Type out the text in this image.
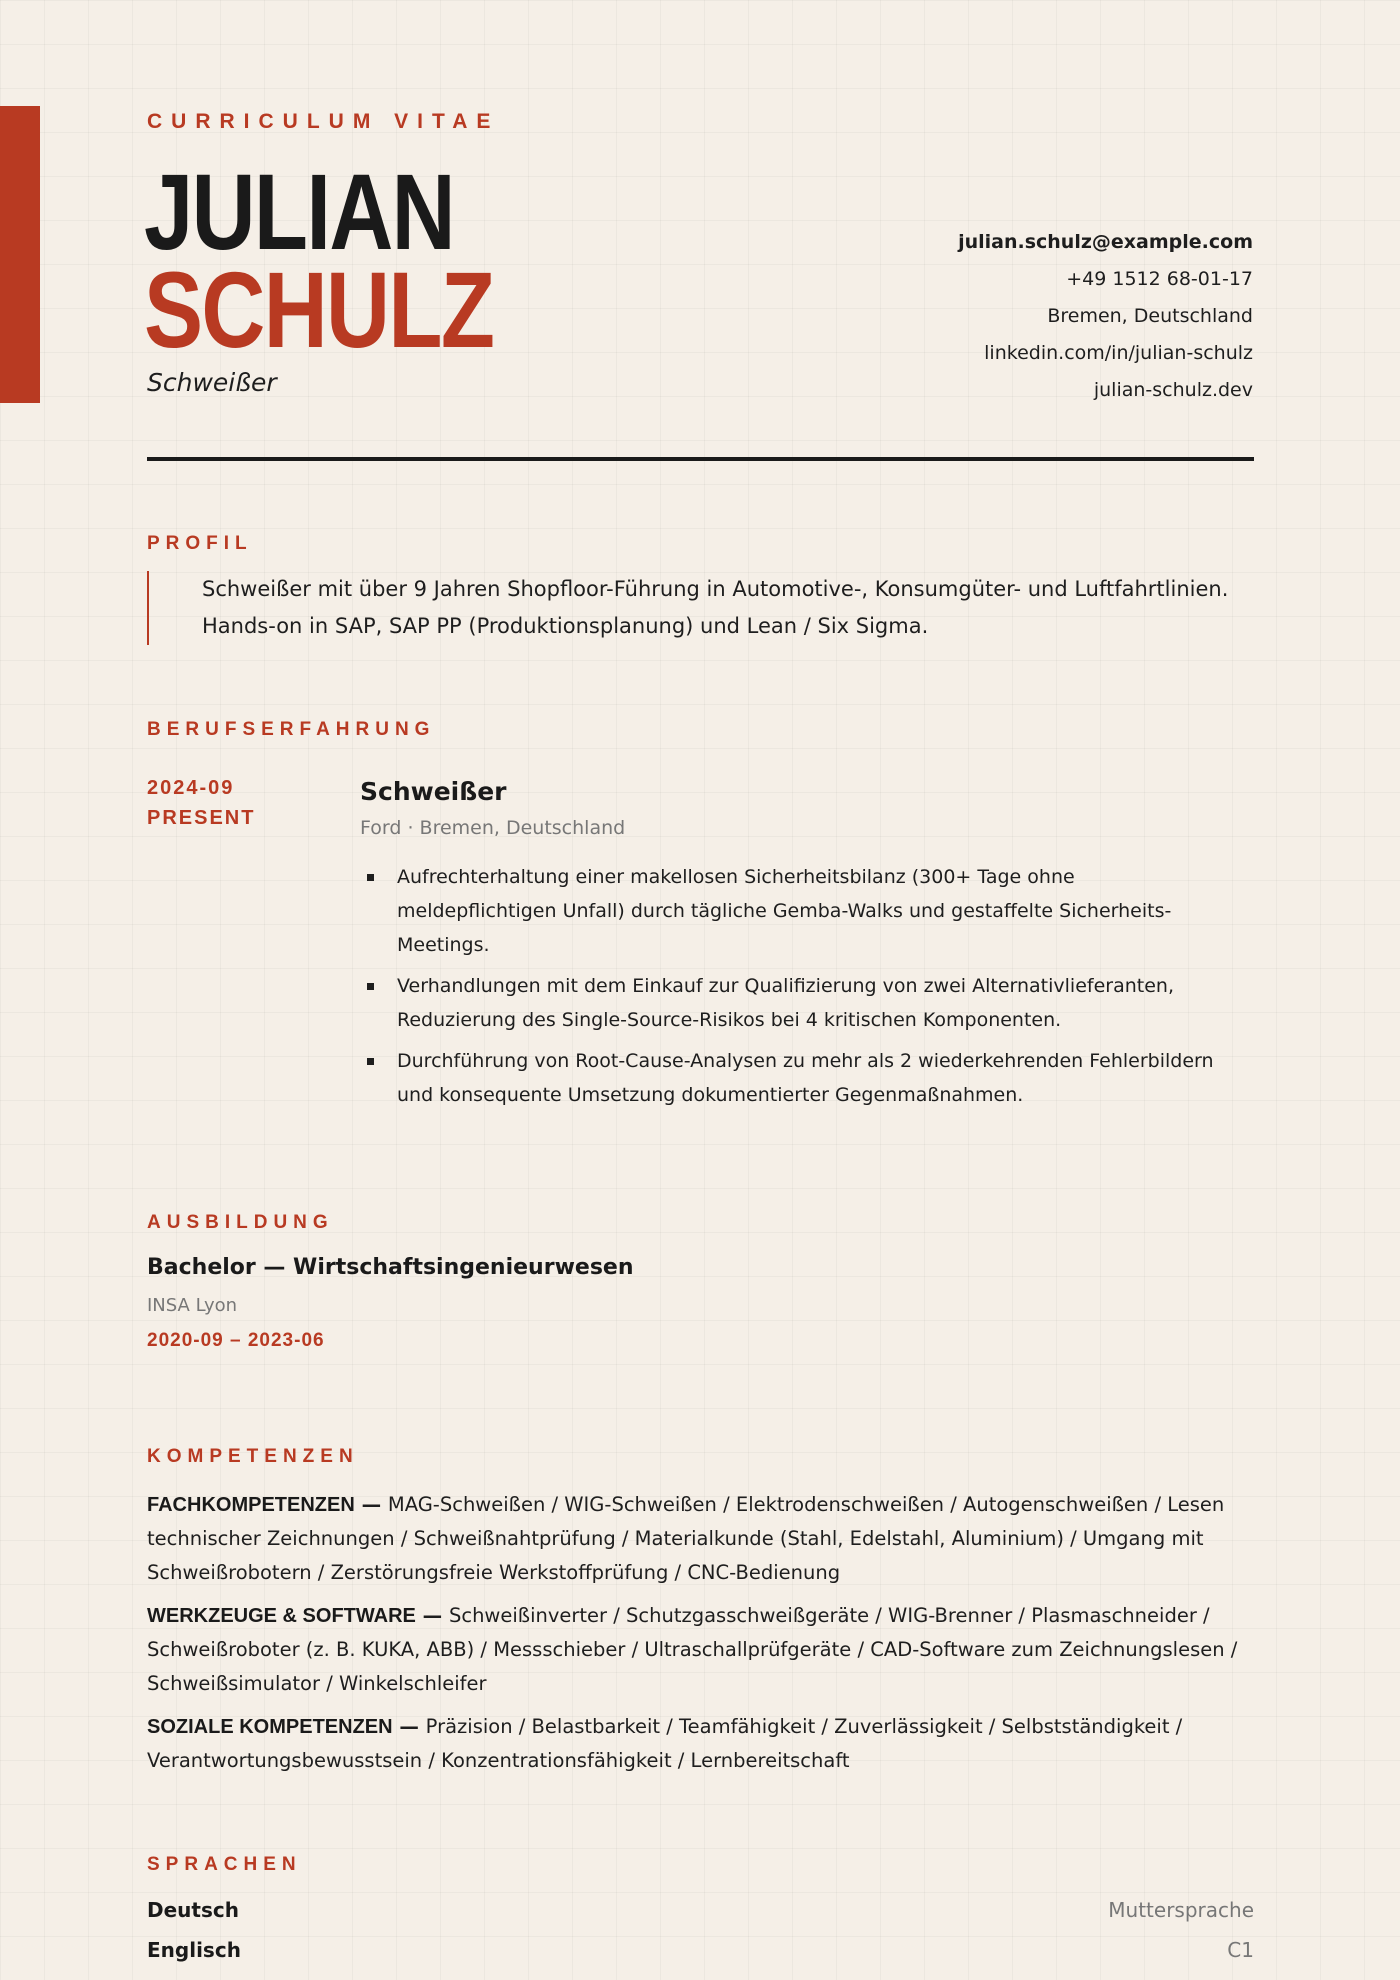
CURRICULUM VITAE
JULIAN
SCHULZ
Schweißer
julian.schulz@example.com
+49 1512 68-01-17
Bremen, Deutschland
linkedin.com/in/julian-schulz
julian-schulz.dev
PROFIL
Schweißer mit über 9 Jahren Shopfloor-Führung in Automotive-, Konsumgüter- und Luftfahrtlinien. Hands-on in SAP, SAP PP (Produktionsplanung) und Lean / Six Sigma.
BERUFSERFAHRUNG
2024-09
PRESENT
Schweißer
Ford · Bremen, Deutschland
Aufrechterhaltung einer makellosen Sicherheitsbilanz (300+ Tage ohne meldepflichtigen Unfall) durch tägliche Gemba-Walks und gestaffelte Sicherheits-Meetings.
Verhandlungen mit dem Einkauf zur Qualifizierung von zwei Alternativlieferanten, Reduzierung des Single-Source-Risikos bei 4 kritischen Komponenten.
Durchführung von Root-Cause-Analysen zu mehr als 2 wiederkehrenden Fehlerbildern und konsequente Umsetzung dokumentierter Gegenmaßnahmen.
AUSBILDUNG
Bachelor — Wirtschaftsingenieurwesen
INSA Lyon
2020-09 – 2023-06
KOMPETENZEN
FACHKOMPETENZEN — MAG-Schweißen / WIG-Schweißen / Elektrodenschweißen / Autogenschweißen / Lesen technischer Zeichnungen / Schweißnahtprüfung / Materialkunde (Stahl, Edelstahl, Aluminium) / Umgang mit Schweißrobotern / Zerstörungsfreie Werkstoffprüfung / CNC-Bedienung
WERKZEUGE & SOFTWARE — Schweißinverter / Schutzgasschweißgeräte / WIG-Brenner / Plasmaschneider / Schweißroboter (z. B. KUKA, ABB) / Messschieber / Ultraschallprüfgeräte / CAD-Software zum Zeichnungslesen / Schweißsimulator / Winkelschleifer
SOZIALE KOMPETENZEN — Präzision / Belastbarkeit / Teamfähigkeit / Zuverlässigkeit / Selbstständigkeit / Verantwortungsbewusstsein / Konzentrationsfähigkeit / Lernbereitschaft
SPRACHEN
Deutsch	Muttersprache
Englisch	C1
